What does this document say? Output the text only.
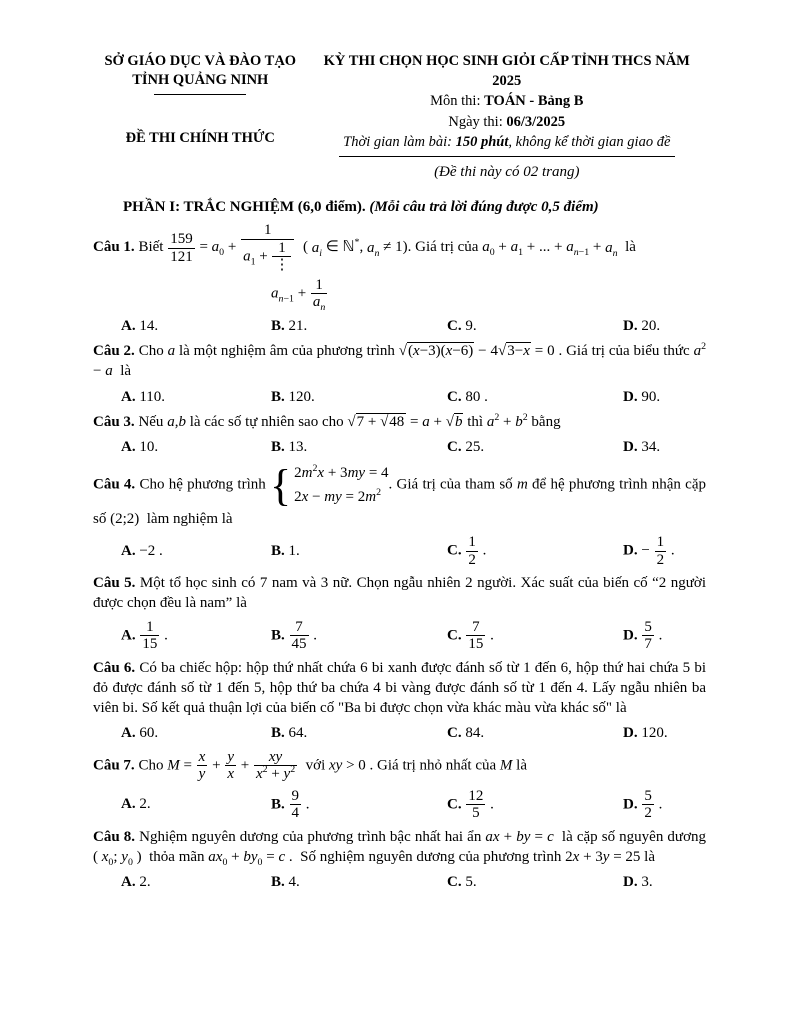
SỞ GIÁO DỤC VÀ ĐÀO TẠO
TỈNH QUẢNG NINH
ĐỀ THI CHÍNH THỨC
KỲ THI CHỌN HỌC SINH GIỎI CẤP TỈNH THCS NĂM 2025
Môn thi: TOÁN - Bảng B
Ngày thi: 06/3/2025
Thời gian làm bài: 150 phút, không kể thời gian giao đề
(Đề thi này có 02 trang)
PHẦN I: TRẮC NGHIỆM (6,0 điểm). (Mỗi câu trả lời đúng được 0,5 điểm)
Câu 1. Biết $\frac{159}{121} = a_0 + \frac{1}{a_1 + \frac{1}{⋮}}$ ( $a_i$ ∈ ℕ*, $a_n \ne 1$). Giá trị của $a_0 + a_1$ + ... + $a_{n-1} + a_n$  là
$a_{n-1} + \frac{1}{a_n}$
A. 14.	B. 21.	C. 9.	D. 20.
Câu 2. Cho a là một nghiệm âm của phương trình √(x−3)(x−6) − 4√3−x = 0 . Giá trị của biểu thức $a^2 - a$  là
A. 110.	B. 120.	C. 80 .	D. 90.
Câu 3. Nếu a,b là các số tự nhiên sao cho √7 + √48 = a + √b thì $a^2 + b^2$ bằng
A. 10.	B. 13.	C. 25.	D. 34.
Câu 4. Cho hệ phương trình { $2m^2x + 3my = 4$
2x − my = $2m^2$ . Giá trị của tham số m để hệ phương trình nhận cặp số (2;2)  làm nghiệm là
A. −2 .	B. 1.	C. $\frac{1}{2}$ .	D. − $\frac{1}{2}$ .
Câu 5. Một tổ học sinh có 7 nam và 3 nữ. Chọn ngẫu nhiên 2 người. Xác suất của biến cố “2 người được chọn đều là nam” là
A. $\frac{1}{15}$ .	B. $\frac{7}{45}$ .	C. $\frac{7}{15}$ .	D. $\frac{5}{7}$ .
Câu 6. Có ba chiếc hộp: hộp thứ nhất chứa 6 bi xanh được đánh số từ 1 đến 6, hộp thứ hai chứa 5 bi đỏ được đánh số từ 1 đến 5, hộp thứ ba chứa 4 bi vàng được đánh số từ 1 đến 4. Lấy ngẫu nhiên ba viên bi. Số kết quả thuận lợi của biến cố "Ba bi được chọn vừa khác màu vừa khác số" là
A. 60.	B. 64.	C. 84.	D. 120.
Câu 7. Cho $M = \frac{x}{y} + \frac{y}{x} + \frac{xy}{x^2 + y^2}$ với xy > 0 . Giá trị nhỏ nhất của M là
A. 2.	B. $\frac{9}{4}$ .	C. $\frac{12}{5}$ .	D. $\frac{5}{2}$ .
Câu 8. Nghiệm nguyên dương của phương trình bậc nhất hai ẩn ax + by = c  là cặp số nguyên dương ( $x_0$; $y_0$ )  thỏa mãn $ax_0 + by_0 = c$ .  Số nghiệm nguyên dương của phương trình 2x + 3y = 25 là
A. 2.	B. 4.	C. 5.	D. 3.
